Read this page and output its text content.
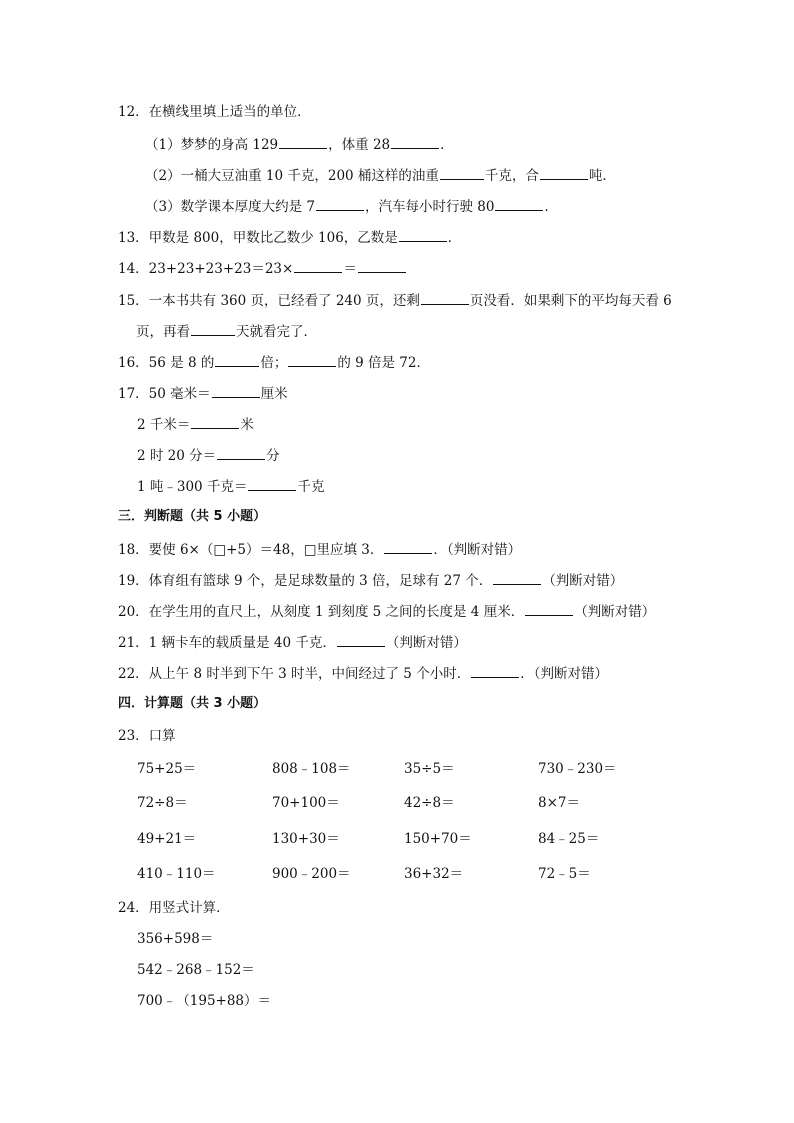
12．在横线里填上适当的单位．
（1）梦梦的身高 129	，体重 28	．
（2）一桶大豆油重 10 千克，200 桶这样的油重	千克，合	吨．
（3）数学课本厚度大约是 7	，汽车每小时行驶 80	．
13．甲数是 800，甲数比乙数少 106，乙数是	．
14．23+23+23+23＝23×	＝
15．一本书共有 360 页，已经看了 240 页，还剩	页没看．如果剩下的平均每天看 6
页，再看	天就看完了．
16．56 是 8 的	倍；	的 9 倍是 72．
17．50 毫米＝	厘米
2 千米＝	米
2 时 20 分＝	分
1 吨﹣300 千克＝	千克
三．判断题（共 5 小题）
18．要使 6×（□+5）＝48，□里应填 3．	．（判断对错）
19．体育组有篮球 9 个，是足球数量的 3 倍，足球有 27 个．	（判断对错）
20．在学生用的直尺上，从刻度 1 到刻度 5 之间的长度是 4 厘米．	（判断对错）
21．1 辆卡车的载质量是 40 千克．	（判断对错）
22．从上午 8 时半到下午 3 时半，中间经过了 5 个小时．	．（判断对错）
四．计算题（共 3 小题）
23．口算
75+25＝	808﹣108＝	35÷5＝	730﹣230＝
72÷8＝	70+100＝	42÷8＝	8×7＝
49+21＝	130+30＝	150+70＝	84﹣25＝
410﹣110＝	900﹣200＝	36+32＝	72﹣5＝
24．用竖式计算．
356+598＝
542﹣268﹣152＝
700﹣（195+88）＝
